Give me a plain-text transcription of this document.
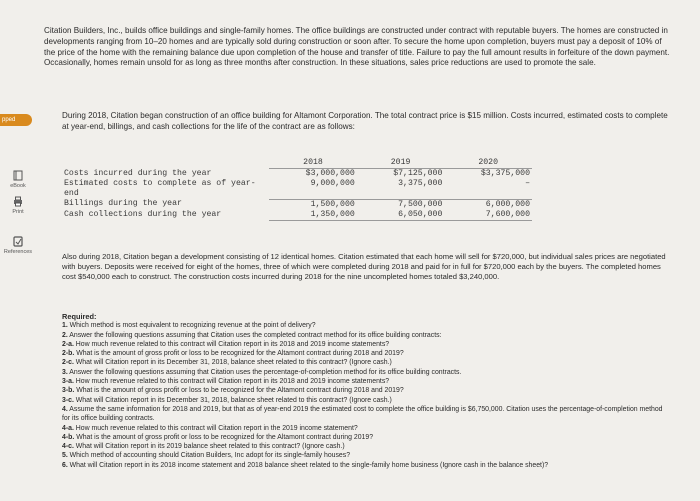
pped
eBook
Print
References

Citation Builders, Inc., builds office buildings and single-family homes. The office buildings are constructed under contract with reputable buyers. The homes are constructed in developments ranging from 10–20 homes and are typically sold during construction or soon after. To secure the home upon completion, buyers must pay a deposit of 10% of the price of the home with the remaining balance due upon completion of the house and transfer of title. Failure to pay the full amount results in forfeiture of the down payment. Occasionally, homes remain unsold for as long as three months after construction. In these situations, sales price reductions are used to promote the sale.

During 2018, Citation began construction of an office building for Altamont Corporation. The total contract price is $15 million. Costs incurred, estimated costs to complete at year-end, billings, and cash collections for the life of the contract are as follows:

	2018	2019	2020
Costs incurred during the year	$3,000,000	$7,125,000	$3,375,000
Estimated costs to complete as of year-end	9,000,000	3,375,000	–
Billings during the year	1,500,000	7,500,000	6,000,000
Cash collections during the year	1,350,000	6,050,000	7,600,000

Also during 2018, Citation began a development consisting of 12 identical homes. Citation estimated that each home will sell for $720,000, but individual sales prices are negotiated with buyers. Deposits were received for eight of the homes, three of which were completed during 2018 and paid for in full for $720,000 each by the buyers. The completed homes cost $540,000 each to construct. The construction costs incurred during 2018 for the nine uncompleted homes totaled $3,240,000.

Required:
1. Which method is most equivalent to recognizing revenue at the point of delivery?
2. Answer the following questions assuming that Citation uses the completed contract method for its office building contracts:
2-a. How much revenue related to this contract will Citation report in its 2018 and 2019 income statements?
2-b. What is the amount of gross profit or loss to be recognized for the Altamont contract during 2018 and 2019?
2-c. What will Citation report in its December 31, 2018, balance sheet related to this contract? (Ignore cash.)
3. Answer the following questions assuming that Citation uses the percentage-of-completion method for its office building contracts.
3-a. How much revenue related to this contract will Citation report in its 2018 and 2019 income statements?
3-b. What is the amount of gross profit or loss to be recognized for the Altamont contract during 2018 and 2019?
3-c. What will Citation report in its December 31, 2018, balance sheet related to this contract? (Ignore cash.)
4. Assume the same information for 2018 and 2019, but that as of year-end 2019 the estimated cost to complete the office building is $6,750,000. Citation uses the percentage-of-completion method for its office building contracts.
4-a. How much revenue related to this contract will Citation report in the 2019 income statement?
4-b. What is the amount of gross profit or loss to be recognized for the Altamont contract during 2019?
4-c. What will Citation report in its 2019 balance sheet related to this contract? (Ignore cash.)
5. Which method of accounting should Citation Builders, Inc adopt for its single-family houses?
6. What will Citation report in its 2018 income statement and 2018 balance sheet related to the single-family home business (Ignore cash in the balance sheet)?
